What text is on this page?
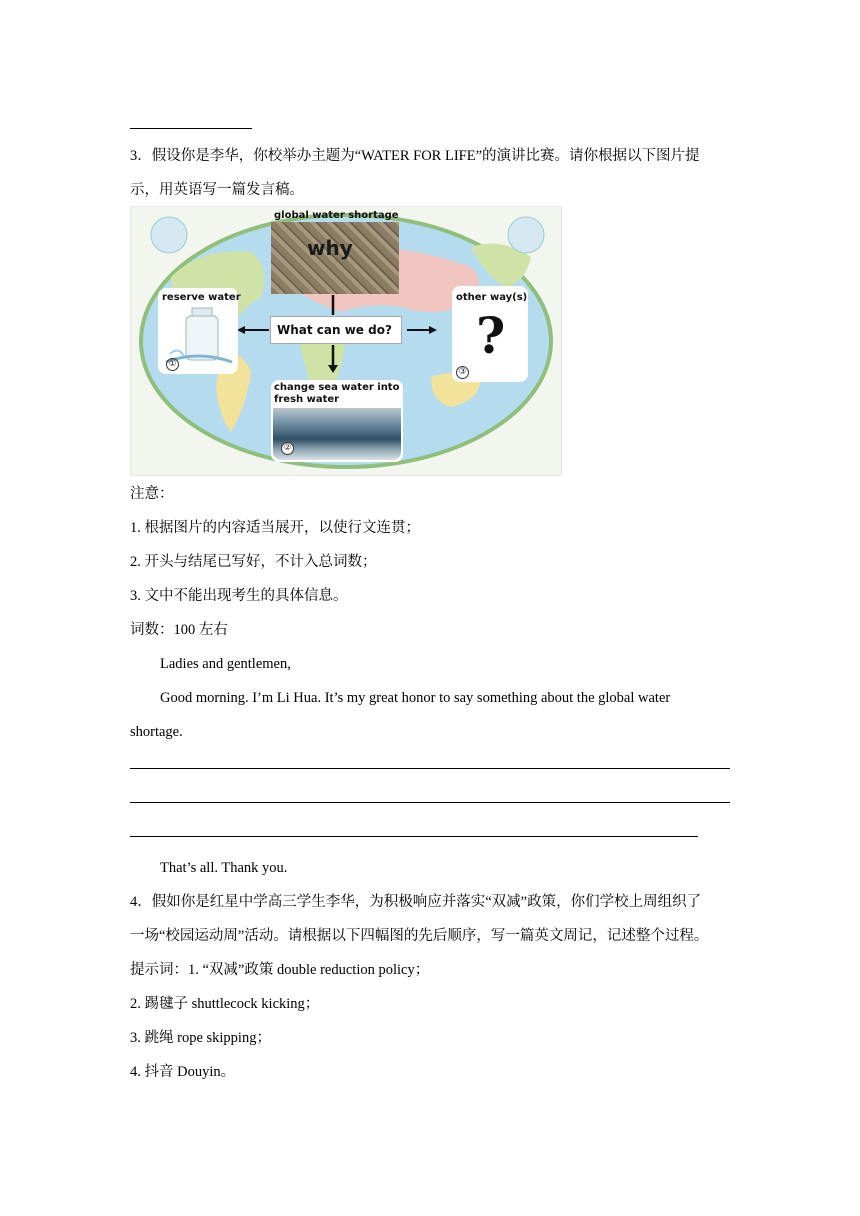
3．假设你是李华，你校举办主题为“WATER FOR LIFE”的演讲比赛。请你根据以下图片提
示，用英语写一篇发言稿。
global water shortage
why
What can we do?
reserve water
①
other way(s)
?
③
change sea water into
fresh water
②
注意：
1. 根据图片的内容适当展开，以使行文连贯；
2. 开头与结尾已写好，不计入总词数；
3. 文中不能出现考生的具体信息。
词数：100 左右
Ladies and gentlemen,
Good morning. I’m Li Hua. It’s my great honor to say something about the global water
shortage.
That’s all. Thank you.
4．假如你是红星中学高三学生李华，为积极响应并落实“双减”政策，你们学校上周组织了
一场“校园运动周”活动。请根据以下四幅图的先后顺序，写一篇英文周记，记述整个过程。
提示词：1. “双减”政策 double reduction policy；
2. 踢毽子 shuttlecock kicking；
3. 跳绳 rope skipping；
4. 抖音 Douyin。
